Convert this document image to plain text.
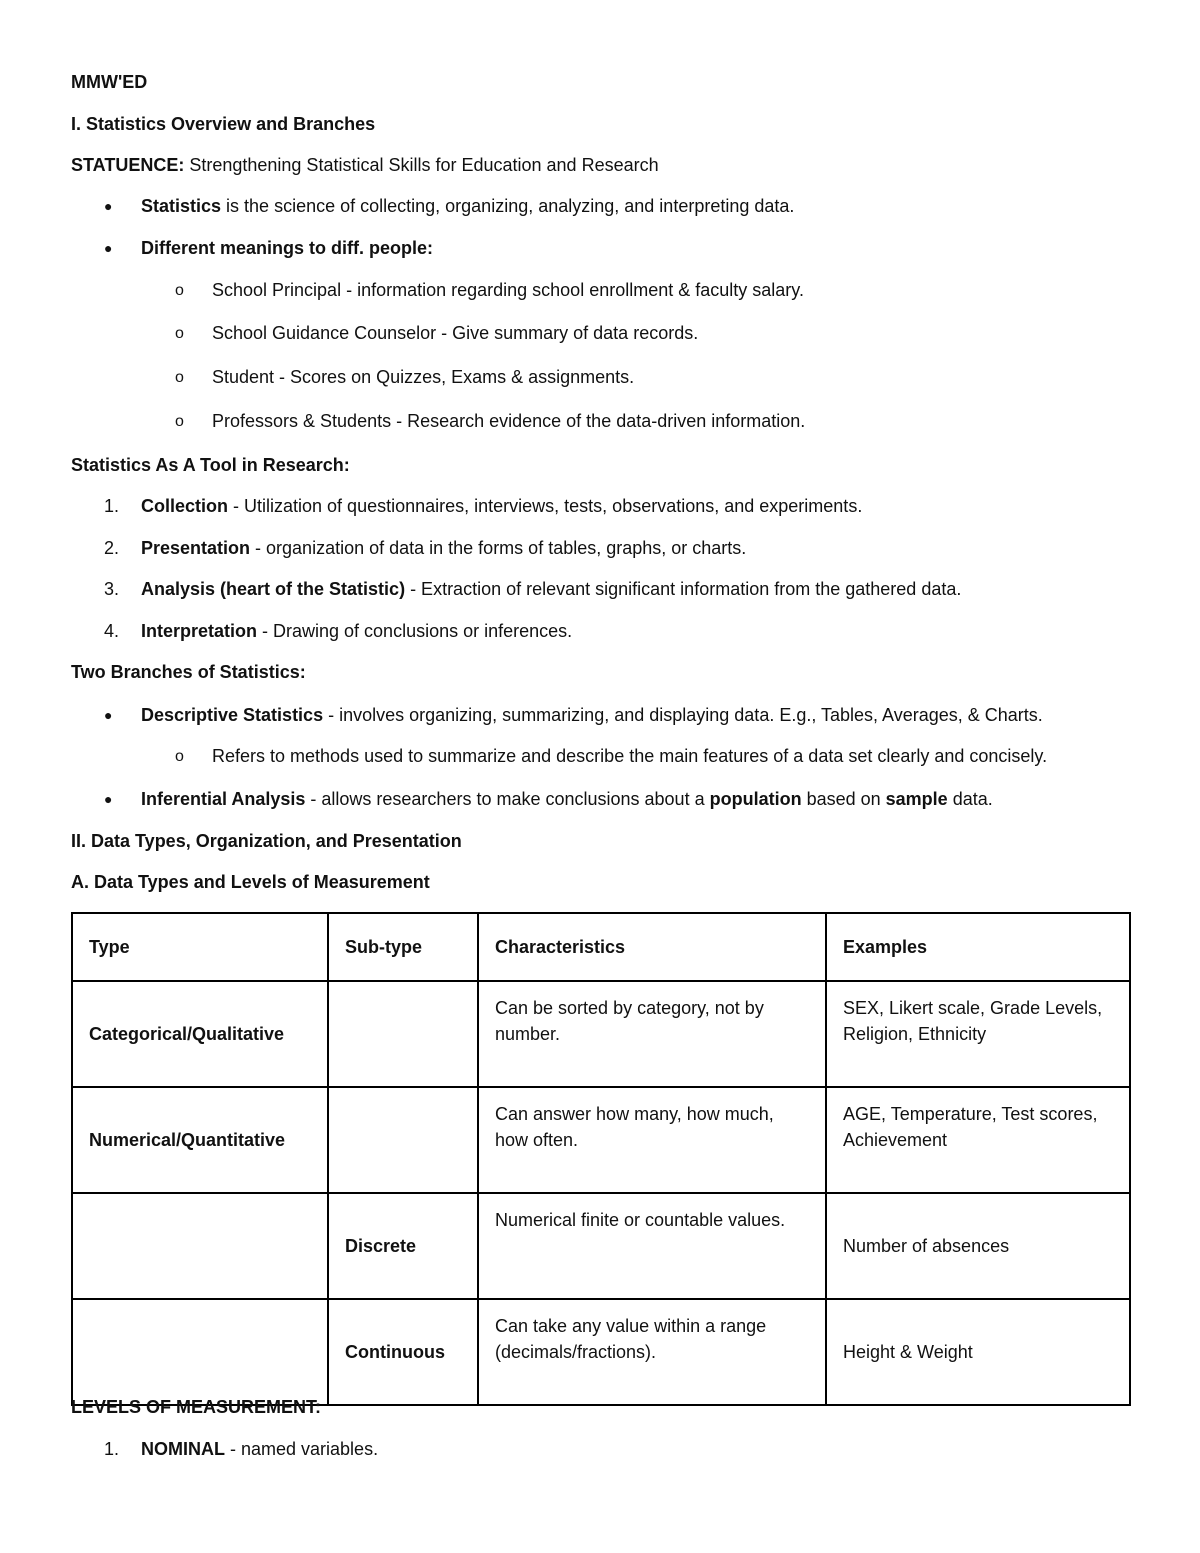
MMW'ED
I. Statistics Overview and Branches
STATUENCE: Strengthening Statistical Skills for Education and Research
● Statistics is the science of collecting, organizing, analyzing, and interpreting data.
● Different meanings to diff. people:
o School Principal - information regarding school enrollment & faculty salary.
o School Guidance Counselor - Give summary of data records.
o Student - Scores on Quizzes, Exams & assignments.
o Professors & Students - Research evidence of the data-driven information.
Statistics As A Tool in Research:
1. Collection - Utilization of questionnaires, interviews, tests, observations, and experiments.
2. Presentation - organization of data in the forms of tables, graphs, or charts.
3. Analysis (heart of the Statistic) - Extraction of relevant significant information from the gathered data.
4. Interpretation - Drawing of conclusions or inferences.
Two Branches of Statistics:
● Descriptive Statistics - involves organizing, summarizing, and displaying data. E.g., Tables, Averages, & Charts.
o Refers to methods used to summarize and describe the main features of a data set clearly and concisely.
● Inferential Analysis - allows researchers to make conclusions about a population based on sample data.
II. Data Types, Organization, and Presentation
A. Data Types and Levels of Measurement
Type	Sub-type	Characteristics	Examples
Categorical/Qualitative		Can be sorted by category, not by number.	SEX, Likert scale, Grade Levels, Religion, Ethnicity
Numerical/Quantitative		Can answer how many, how much, how often.	AGE, Temperature, Test scores, Achievement
	Discrete	Numerical finite or countable values.	Number of absences
	Continuous	Can take any value within a range (decimals/fractions).	Height & Weight
LEVELS OF MEASUREMENT:
1. NOMINAL - named variables.
